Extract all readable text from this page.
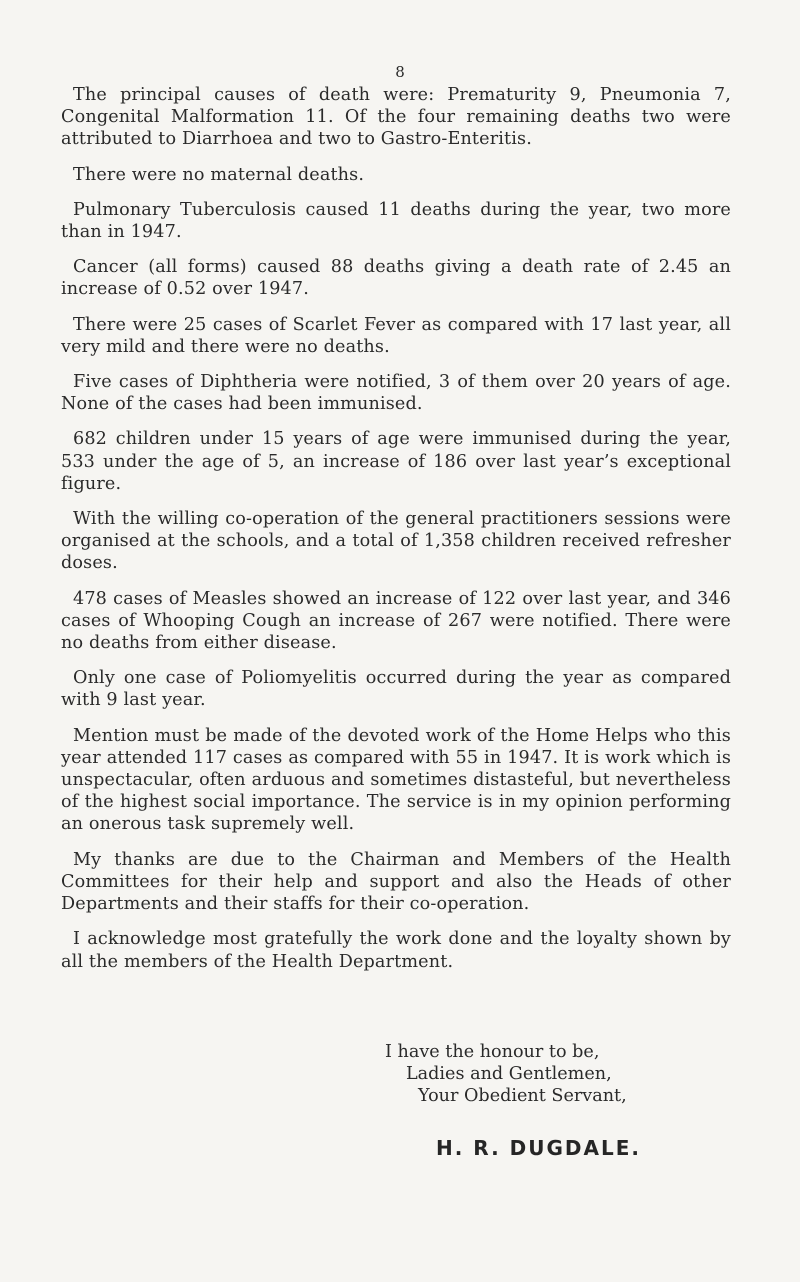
8

The principal causes of death were: Prematurity 9, Pneumonia 7, Congenital Malformation 11. Of the four remaining deaths two were attributed to Diarrhoea and two to Gastro-Enteritis.

There were no maternal deaths.

Pulmonary Tuberculosis caused 11 deaths during the year, two more than in 1947.

Cancer (all forms) caused 88 deaths giving a death rate of 2.45 an increase of 0.52 over 1947.

There were 25 cases of Scarlet Fever as compared with 17 last year, all very mild and there were no deaths.

Five cases of Diphtheria were notified, 3 of them over 20 years of age. None of the cases had been immunised.

682 children under 15 years of age were immunised during the year, 533 under the age of 5, an increase of 186 over last year’s exceptional figure.

With the willing co-operation of the general practitioners sessions were organised at the schools, and a total of 1,358 children received refresher doses.

478 cases of Measles showed an increase of 122 over last year, and 346 cases of Whooping Cough an increase of 267 were notified. There were no deaths from either disease.

Only one case of Poliomyelitis occurred during the year as compared with 9 last year.

Mention must be made of the devoted work of the Home Helps who this year attended 117 cases as compared with 55 in 1947. It is work which is unspectacular, often arduous and sometimes distasteful, but nevertheless of the highest social importance. The service is in my opinion performing an onerous task supremely well.

My thanks are due to the Chairman and Members of the Health Committees for their help and support and also the Heads of other Departments and their staffs for their co-operation.

I acknowledge most gratefully the work done and the loyalty shown by all the members of the Health Department.

I have the honour to be,
Ladies and Gentlemen,
Your Obedient Servant,
H. R. DUGDALE.
